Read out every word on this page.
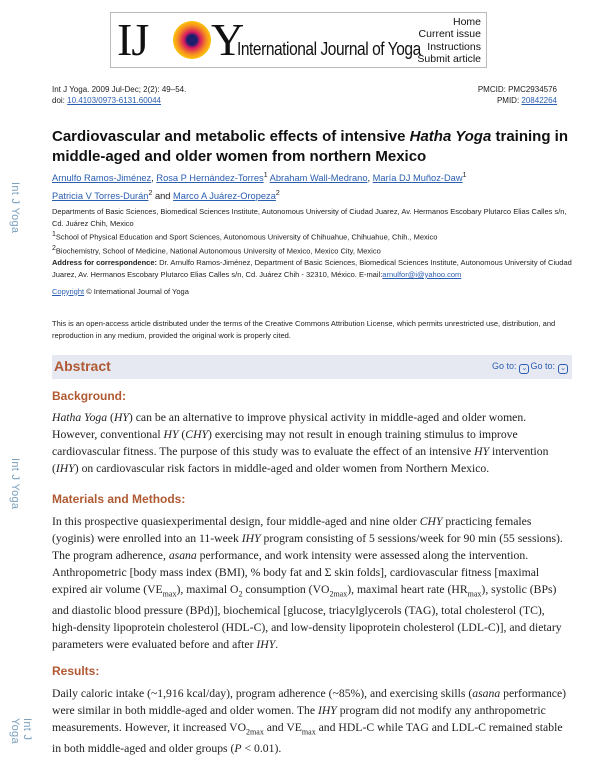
Int J Yoga
Int J Yoga
Int J Yoga
IJ Y
International Journal of Yoga
Home
Current issue
Instructions
Submit article
Int J Yoga. 2009 Jul-Dec; 2(2): 49–54.
doi: 10.4103/0973-6131.60044
PMCID: PMC2934576
PMID: 20842264
Cardiovascular and metabolic effects of intensive Hatha Yoga training in middle-aged and older women from northern Mexico
Arnulfo Ramos-Jiménez, Rosa P Hernández-Torres$^1$ Abraham Wall-Medrano, María DJ Muñoz-Daw$^1$
Patricia V Torres-Durán$^2$ and Marco A Juárez-Oropeza$^2$

Departments of Basic Sciences, Biomedical Sciences Institute, Autonomous University of Ciudad Juarez, Av. Hermanos Escobary Plutarco Elias Calles s/n, Cd. Juárez Chih, Mexico

$^1$School of Physical Education and Sport Sciences, Autonomous University of Chihuahue, Chihuahue, Chih., Mexico

$^2$Biochemistry, School of Medicine, National Autonomous University of Mexico, Mexico City, Mexico

Address for correspondence: Dr. Arnulfo Ramos-Jiménez, Department of Basic Sciences, Biomedical Sciences Institute, Autonomous University of Ciudad Juarez, Av. Hermanos Escobary Plutarco Elias Calles s/n, Cd. Juárez Chih - 32310, México. E-mail:arnulfor@i@yahoo.com

Copyright © International Journal of Yoga

This is an open-access article distributed under the terms of the Creative Commons Attribution License, which permits unrestricted use, distribution, and reproduction in any medium, provided the original work is properly cited.
Abstract	Go to: ⌄ Go to: ⌄
Background:
Hatha Yoga (HY) can be an alternative to improve physical activity in middle-aged and older women. However, conventional HY (CHY) exercising may not result in enough training stimulus to improve cardiovascular fitness. The purpose of this study was to evaluate the effect of an intensive HY intervention (IHY) on cardiovascular risk factors in middle-aged and older women from Northern Mexico.
Materials and Methods:
In this prospective quasiexperimental design, four middle-aged and nine older CHY practicing females (yoginis) were enrolled into an 11-week IHY program consisting of 5 sessions/week for 90 min (55 sessions). The program adherence, asana performance, and work intensity were assessed along the intervention. Anthropometric [body mass index (BMI), % body fat and Σ skin folds], cardiovascular fitness [maximal expired air volume $(VE_{max})$, maximal $O_2$ consumption $(VO_{2max})$, maximal heart rate $(HR_{max})$, systolic (BPs) and diastolic blood pressure (BPd)], biochemical [glucose, triacylglycerols (TAG), total cholesterol (TC), high-density lipoprotein cholesterol (HDL-C), and low-density lipoprotein cholesterol (LDL-C)], and dietary parameters were evaluated before and after IHY.
Results:
Daily caloric intake (~1,916 kcal/day), program adherence (~85%), and exercising skills (asana performance) were similar in both middle-aged and older women. The IHY program did not modify any anthropometric measurements. However, it increased $VO_{2max}$ and $VE_{max}$ and HDL-C while TAG and LDL-C remained stable in both middle-aged and older groups (P < 0.01).
